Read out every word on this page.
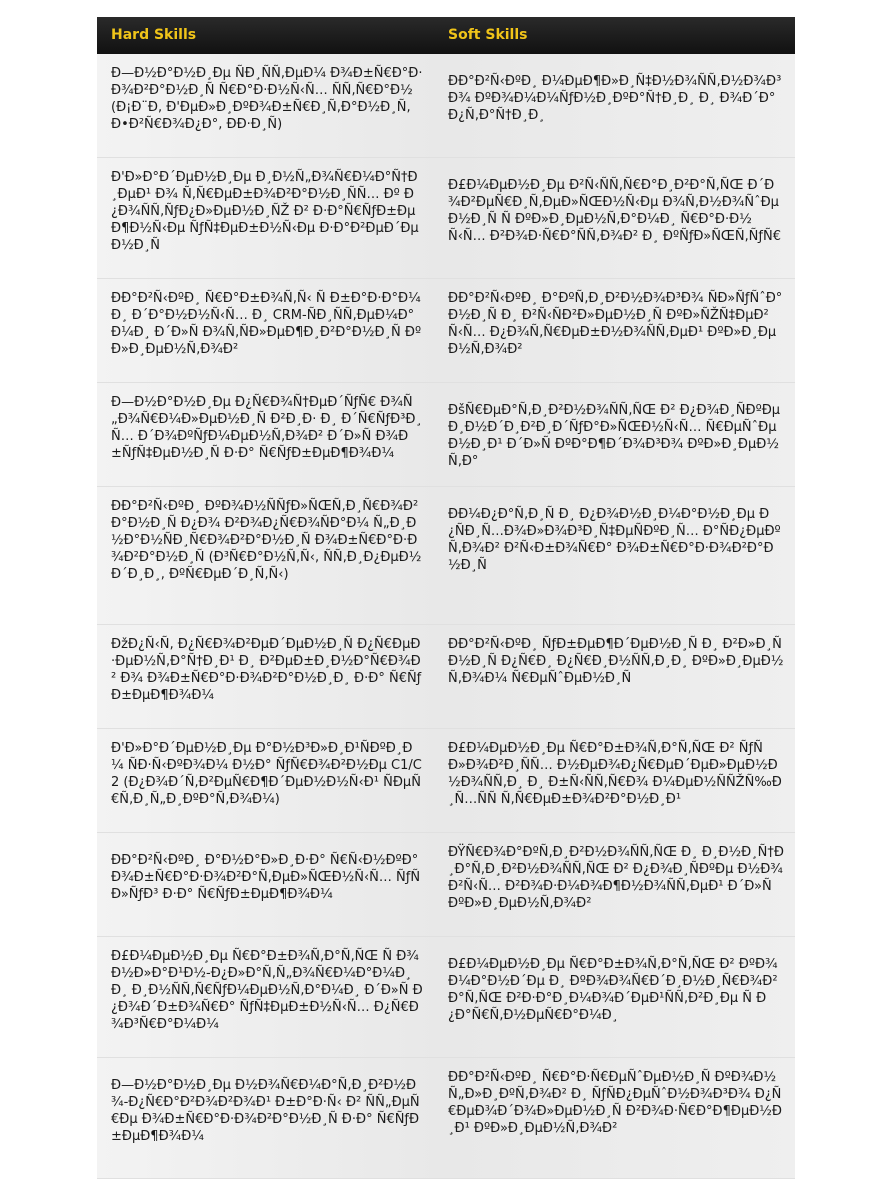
Hard Skills	Soft Skills
Ð—Ð½Ð°Ð½Ð¸Ðµ ÑÐ¸ÑÑ‚ÐµÐ¼ Ð¾Ð±Ñ€Ð°Ð·Ð¾Ð²Ð°Ð½Ð¸Ñ Ñ€Ð°Ð·Ð½Ñ‹Ñ… ÑÑ‚Ñ€Ð°Ð½ (Ð¡Ð¨Ð, Ð'ÐµÐ»Ð¸ÐºÐ¾Ð±Ñ€Ð¸Ñ‚Ð°Ð½Ð¸Ñ, Ð•Ð²Ñ€Ð¾Ð¿Ð°, ÐÐ·Ð¸Ñ)
ÐÐ°Ð²Ñ‹ÐºÐ¸ Ð¼ÐµÐ¶Ð»Ð¸Ñ‡Ð½Ð¾ÑÑ‚Ð½Ð¾Ð³Ð¾ ÐºÐ¾Ð¼Ð¼ÑƒÐ½Ð¸ÐºÐ°Ñ†Ð¸Ð¸ Ð¸ Ð¾Ð´Ð°Ð¿Ñ‚Ð°Ñ†Ð¸Ð¸
Ð'Ð»Ð°Ð´ÐµÐ½Ð¸Ðµ Ð¸Ð½Ñ„Ð¾Ñ€Ð¼Ð°Ñ†Ð¸ÐµÐ¹ Ð¾ Ñ‚Ñ€ÐµÐ±Ð¾Ð²Ð°Ð½Ð¸ÑÑ… Ðº Ð¿Ð¾ÑÑ‚ÑƒÐ¿Ð»ÐµÐ½Ð¸ÑŽ Ð² Ð·Ð°Ñ€ÑƒÐ±ÐµÐ¶Ð½Ñ‹Ðµ ÑƒÑ‡ÐµÐ±Ð½Ñ‹Ðµ Ð·Ð°Ð²ÐµÐ´ÐµÐ½Ð¸Ñ
Ð£Ð¼ÐµÐ½Ð¸Ðµ Ð²Ñ‹ÑÑ‚Ñ€Ð°Ð¸Ð²Ð°Ñ‚ÑŒ Ð´Ð¾Ð²ÐµÑ€Ð¸Ñ‚ÐµÐ»ÑŒÐ½Ñ‹Ðµ Ð¾Ñ‚Ð½Ð¾ÑˆÐµÐ½Ð¸Ñ Ñ ÐºÐ»Ð¸ÐµÐ½Ñ‚Ð°Ð¼Ð¸ Ñ€Ð°Ð·Ð½Ñ‹Ñ… Ð²Ð¾Ð·Ñ€Ð°ÑÑ‚Ð¾Ð² Ð¸ ÐºÑƒÐ»ÑŒÑ‚ÑƒÑ€
ÐÐ°Ð²Ñ‹ÐºÐ¸ Ñ€Ð°Ð±Ð¾Ñ‚Ñ‹ Ñ Ð±Ð°Ð·Ð°Ð¼Ð¸ Ð´Ð°Ð½Ð½Ñ‹Ñ… Ð¸ CRM-ÑÐ¸ÑÑ‚ÐµÐ¼Ð°Ð¼Ð¸ Ð´Ð»Ñ Ð¾Ñ‚ÑÐ»ÐµÐ¶Ð¸Ð²Ð°Ð½Ð¸Ñ ÐºÐ»Ð¸ÐµÐ½Ñ‚Ð¾Ð²
ÐÐ°Ð²Ñ‹ÐºÐ¸ Ð°ÐºÑ‚Ð¸Ð²Ð½Ð¾Ð³Ð¾ ÑÐ»ÑƒÑˆÐ°Ð½Ð¸Ñ Ð¸ Ð²Ñ‹ÑÐ²Ð»ÐµÐ½Ð¸Ñ ÐºÐ»ÑŽÑ‡ÐµÐ²Ñ‹Ñ… Ð¿Ð¾Ñ‚Ñ€ÐµÐ±Ð½Ð¾ÑÑ‚ÐµÐ¹ ÐºÐ»Ð¸ÐµÐ½Ñ‚Ð¾Ð²
Ð—Ð½Ð°Ð½Ð¸Ðµ Ð¿Ñ€Ð¾Ñ†ÐµÐ´ÑƒÑ€ Ð¾Ñ„Ð¾Ñ€Ð¼Ð»ÐµÐ½Ð¸Ñ Ð²Ð¸Ð· Ð¸ Ð´Ñ€ÑƒÐ³Ð¸Ñ… Ð´Ð¾ÐºÑƒÐ¼ÐµÐ½Ñ‚Ð¾Ð² Ð´Ð»Ñ Ð¾Ð±ÑƒÑ‡ÐµÐ½Ð¸Ñ Ð·Ð° Ñ€ÑƒÐ±ÐµÐ¶Ð¾Ð¼
ÐšÑ€ÐµÐ°Ñ‚Ð¸Ð²Ð½Ð¾ÑÑ‚ÑŒ Ð² Ð¿Ð¾Ð¸ÑÐºÐµ Ð¸Ð½Ð´Ð¸Ð²Ð¸Ð´ÑƒÐ°Ð»ÑŒÐ½Ñ‹Ñ… Ñ€ÐµÑˆÐµÐ½Ð¸Ð¹ Ð´Ð»Ñ ÐºÐ°Ð¶Ð´Ð¾Ð³Ð¾ ÐºÐ»Ð¸ÐµÐ½Ñ‚Ð°
ÐÐ°Ð²Ñ‹ÐºÐ¸ ÐºÐ¾Ð½ÑÑƒÐ»ÑŒÑ‚Ð¸Ñ€Ð¾Ð²Ð°Ð½Ð¸Ñ Ð¿Ð¾ Ð²Ð¾Ð¿Ñ€Ð¾ÑÐ°Ð¼ Ñ„Ð¸Ð½Ð°Ð½ÑÐ¸Ñ€Ð¾Ð²Ð°Ð½Ð¸Ñ Ð¾Ð±Ñ€Ð°Ð·Ð¾Ð²Ð°Ð½Ð¸Ñ (Ð³Ñ€Ð°Ð½Ñ‚Ñ‹, ÑÑ‚Ð¸Ð¿ÐµÐ½Ð´Ð¸Ð¸, ÐºÑ€ÐµÐ´Ð¸Ñ‚Ñ‹)
ÐÐ¼Ð¿Ð°Ñ‚Ð¸Ñ Ð¸ Ð¿Ð¾Ð½Ð¸Ð¼Ð°Ð½Ð¸Ðµ Ð¿ÑÐ¸Ñ…Ð¾Ð»Ð¾Ð³Ð¸Ñ‡ÐµÑÐºÐ¸Ñ… Ð°ÑÐ¿ÐµÐºÑ‚Ð¾Ð² Ð²Ñ‹Ð±Ð¾Ñ€Ð° Ð¾Ð±Ñ€Ð°Ð·Ð¾Ð²Ð°Ð½Ð¸Ñ
ÐžÐ¿Ñ‹Ñ‚ Ð¿Ñ€Ð¾Ð²ÐµÐ´ÐµÐ½Ð¸Ñ Ð¿Ñ€ÐµÐ·ÐµÐ½Ñ‚Ð°Ñ†Ð¸Ð¹ Ð¸ Ð²ÐµÐ±Ð¸Ð½Ð°Ñ€Ð¾Ð² Ð¾ Ð¾Ð±Ñ€Ð°Ð·Ð¾Ð²Ð°Ð½Ð¸Ð¸ Ð·Ð° Ñ€ÑƒÐ±ÐµÐ¶Ð¾Ð¼
ÐÐ°Ð²Ñ‹ÐºÐ¸ ÑƒÐ±ÐµÐ¶Ð´ÐµÐ½Ð¸Ñ Ð¸ Ð²Ð»Ð¸ÑÐ½Ð¸Ñ Ð¿Ñ€Ð¸ Ð¿Ñ€Ð¸Ð½ÑÑ‚Ð¸Ð¸ ÐºÐ»Ð¸ÐµÐ½Ñ‚Ð¾Ð¼ Ñ€ÐµÑˆÐµÐ½Ð¸Ñ
Ð'Ð»Ð°Ð´ÐµÐ½Ð¸Ðµ Ð°Ð½Ð³Ð»Ð¸Ð¹ÑÐºÐ¸Ð¼ ÑÐ·Ñ‹ÐºÐ¾Ð¼ Ð½Ð° ÑƒÑ€Ð¾Ð²Ð½Ðµ C1/C2 (Ð¿Ð¾Ð´Ñ‚Ð²ÐµÑ€Ð¶Ð´ÐµÐ½Ð½Ñ‹Ð¹ ÑÐµÑ€Ñ‚Ð¸Ñ„Ð¸ÐºÐ°Ñ‚Ð¾Ð¼)
Ð£Ð¼ÐµÐ½Ð¸Ðµ Ñ€Ð°Ð±Ð¾Ñ‚Ð°Ñ‚ÑŒ Ð² ÑƒÑÐ»Ð¾Ð²Ð¸ÑÑ… Ð½ÐµÐ¾Ð¿Ñ€ÐµÐ´ÐµÐ»ÐµÐ½Ð½Ð¾ÑÑ‚Ð¸ Ð¸ Ð±Ñ‹ÑÑ‚Ñ€Ð¾ Ð¼ÐµÐ½ÑÑŽÑ‰Ð¸Ñ…ÑÑ Ñ‚Ñ€ÐµÐ±Ð¾Ð²Ð°Ð½Ð¸Ð¹
ÐÐ°Ð²Ñ‹ÐºÐ¸ Ð°Ð½Ð°Ð»Ð¸Ð·Ð° Ñ€Ñ‹Ð½ÐºÐ° Ð¾Ð±Ñ€Ð°Ð·Ð¾Ð²Ð°Ñ‚ÐµÐ»ÑŒÐ½Ñ‹Ñ… ÑƒÑÐ»ÑƒÐ³ Ð·Ð° Ñ€ÑƒÐ±ÐµÐ¶Ð¾Ð¼
ÐŸÑ€Ð¾Ð°ÐºÑ‚Ð¸Ð²Ð½Ð¾ÑÑ‚ÑŒ Ð¸ Ð¸Ð½Ð¸Ñ†Ð¸Ð°Ñ‚Ð¸Ð²Ð½Ð¾ÑÑ‚ÑŒ Ð² Ð¿Ð¾Ð¸ÑÐºÐµ Ð½Ð¾Ð²Ñ‹Ñ… Ð²Ð¾Ð·Ð¼Ð¾Ð¶Ð½Ð¾ÑÑ‚ÐµÐ¹ Ð´Ð»Ñ ÐºÐ»Ð¸ÐµÐ½Ñ‚Ð¾Ð²
Ð£Ð¼ÐµÐ½Ð¸Ðµ Ñ€Ð°Ð±Ð¾Ñ‚Ð°Ñ‚ÑŒ Ñ Ð¾Ð½Ð»Ð°Ð¹Ð½-Ð¿Ð»Ð°Ñ‚Ñ„Ð¾Ñ€Ð¼Ð°Ð¼Ð¸ Ð¸ Ð¸Ð½ÑÑ‚Ñ€ÑƒÐ¼ÐµÐ½Ñ‚Ð°Ð¼Ð¸ Ð´Ð»Ñ Ð¿Ð¾Ð´Ð±Ð¾Ñ€Ð° ÑƒÑ‡ÐµÐ±Ð½Ñ‹Ñ… Ð¿Ñ€Ð¾Ð³Ñ€Ð°Ð¼Ð¼
Ð£Ð¼ÐµÐ½Ð¸Ðµ Ñ€Ð°Ð±Ð¾Ñ‚Ð°Ñ‚ÑŒ Ð² ÐºÐ¾Ð¼Ð°Ð½Ð´Ðµ Ð¸ ÐºÐ¾Ð¾Ñ€Ð´Ð¸Ð½Ð¸Ñ€Ð¾Ð²Ð°Ñ‚ÑŒ Ð²Ð·Ð°Ð¸Ð¼Ð¾Ð´ÐµÐ¹ÑÑ‚Ð²Ð¸Ðµ Ñ Ð¿Ð°Ñ€Ñ‚Ð½ÐµÑ€Ð°Ð¼Ð¸
Ð—Ð½Ð°Ð½Ð¸Ðµ Ð½Ð¾Ñ€Ð¼Ð°Ñ‚Ð¸Ð²Ð½Ð¾-Ð¿Ñ€Ð°Ð²Ð¾Ð²Ð¾Ð¹ Ð±Ð°Ð·Ñ‹ Ð² ÑÑ„ÐµÑ€Ðµ Ð¾Ð±Ñ€Ð°Ð·Ð¾Ð²Ð°Ð½Ð¸Ñ Ð·Ð° Ñ€ÑƒÐ±ÐµÐ¶Ð¾Ð¼
ÐÐ°Ð²Ñ‹ÐºÐ¸ Ñ€Ð°Ð·Ñ€ÐµÑˆÐµÐ½Ð¸Ñ ÐºÐ¾Ð½Ñ„Ð»Ð¸ÐºÑ‚Ð¾Ð² Ð¸ ÑƒÑÐ¿ÐµÑˆÐ½Ð¾Ð³Ð¾ Ð¿Ñ€ÐµÐ¾Ð´Ð¾Ð»ÐµÐ½Ð¸Ñ Ð²Ð¾Ð·Ñ€Ð°Ð¶ÐµÐ½Ð¸Ð¹ ÐºÐ»Ð¸ÐµÐ½Ñ‚Ð¾Ð²
